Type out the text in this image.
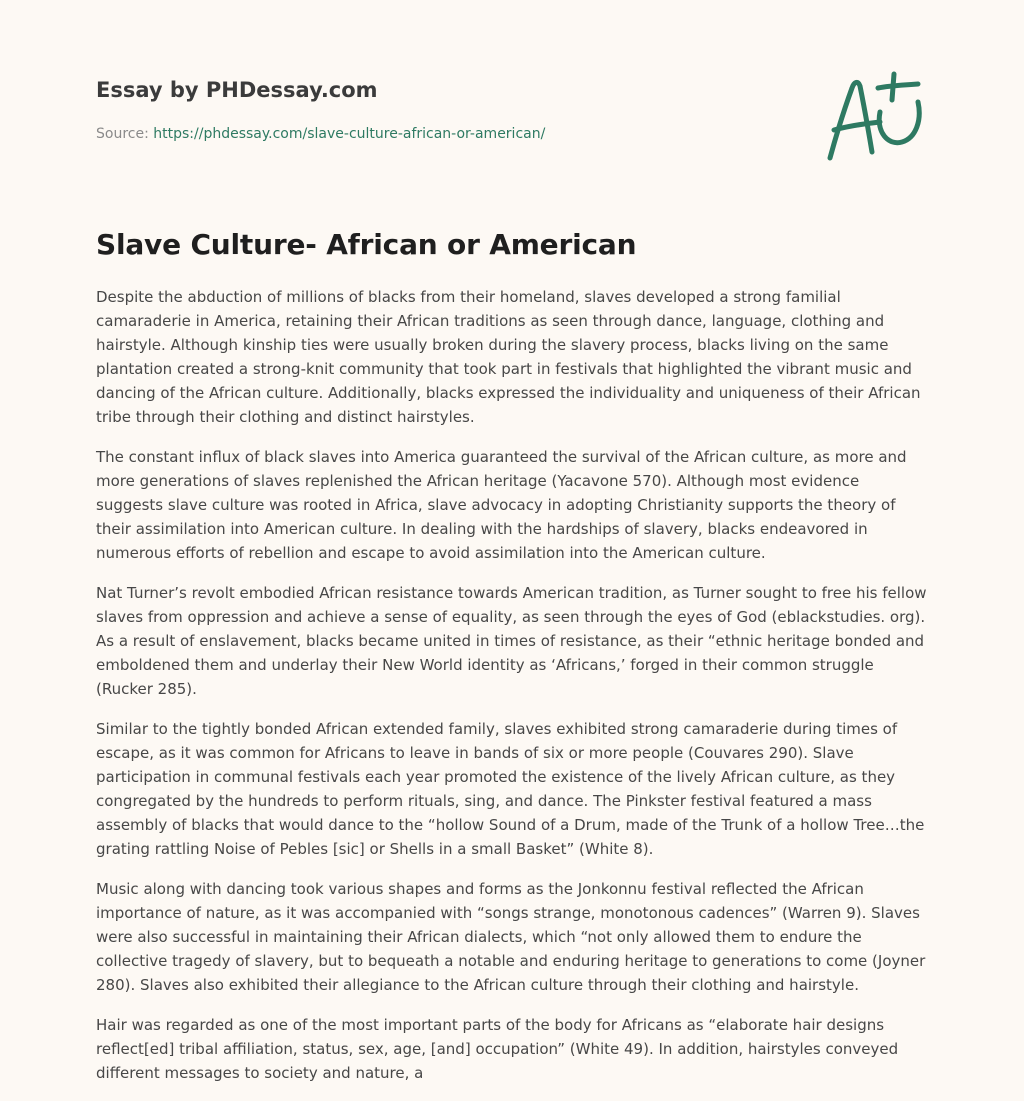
Essay by PHDessay.com
Source: https://phdessay.com/slave-culture-african-or-american/
Slave Culture- African or American

Despite the abduction of millions of blacks from their homeland, slaves developed a strong familial camaraderie in America, retaining their African traditions as seen through dance, language, clothing and hairstyle. Although kinship ties were usually broken during the slavery process, blacks living on the same plantation created a strong-knit community that took part in festivals that highlighted the vibrant music and dancing of the African culture. Additionally, blacks expressed the individuality and uniqueness of their African tribe through their clothing and distinct hairstyles.

The constant influx of black slaves into America guaranteed the survival of the African culture, as more and more generations of slaves replenished the African heritage (Yacavone 570). Although most evidence suggests slave culture was rooted in Africa, slave advocacy in adopting Christianity supports the theory of their assimilation into American culture. In dealing with the hardships of slavery, blacks endeavored in numerous efforts of rebellion and escape to avoid assimilation into the American culture.

Nat Turner’s revolt embodied African resistance towards American tradition, as Turner sought to free his fellow slaves from oppression and achieve a sense of equality, as seen through the eyes of God (eblackstudies. org). As a result of enslavement, blacks became united in times of resistance, as their “ethnic heritage bonded and emboldened them and underlay their New World identity as ‘Africans,’ forged in their common struggle (Rucker 285).

Similar to the tightly bonded African extended family, slaves exhibited strong camaraderie during times of escape, as it was common for Africans to leave in bands of six or more people (Couvares 290). Slave participation in communal festivals each year promoted the existence of the lively African culture, as they congregated by the hundreds to perform rituals, sing, and dance. The Pinkster festival featured a mass assembly of blacks that would dance to the “hollow Sound of a Drum, made of the Trunk of a hollow Tree…the grating rattling Noise of Pebles [sic] or Shells in a small Basket” (White 8).

Music along with dancing took various shapes and forms as the Jonkonnu festival reflected the African importance of nature, as it was accompanied with “songs strange, monotonous cadences” (Warren 9). Slaves were also successful in maintaining their African dialects, which “not only allowed them to endure the collective tragedy of slavery, but to bequeath a notable and enduring heritage to generations to come (Joyner 280). Slaves also exhibited their allegiance to the African culture through their clothing and hairstyle.

Hair was regarded as one of the most important parts of the body for Africans as “elaborate hair designs reflect[ed] tribal affiliation, status, sex, age, [and] occupation” (White 49). In addition, hairstyles conveyed different messages to society and nature, a
